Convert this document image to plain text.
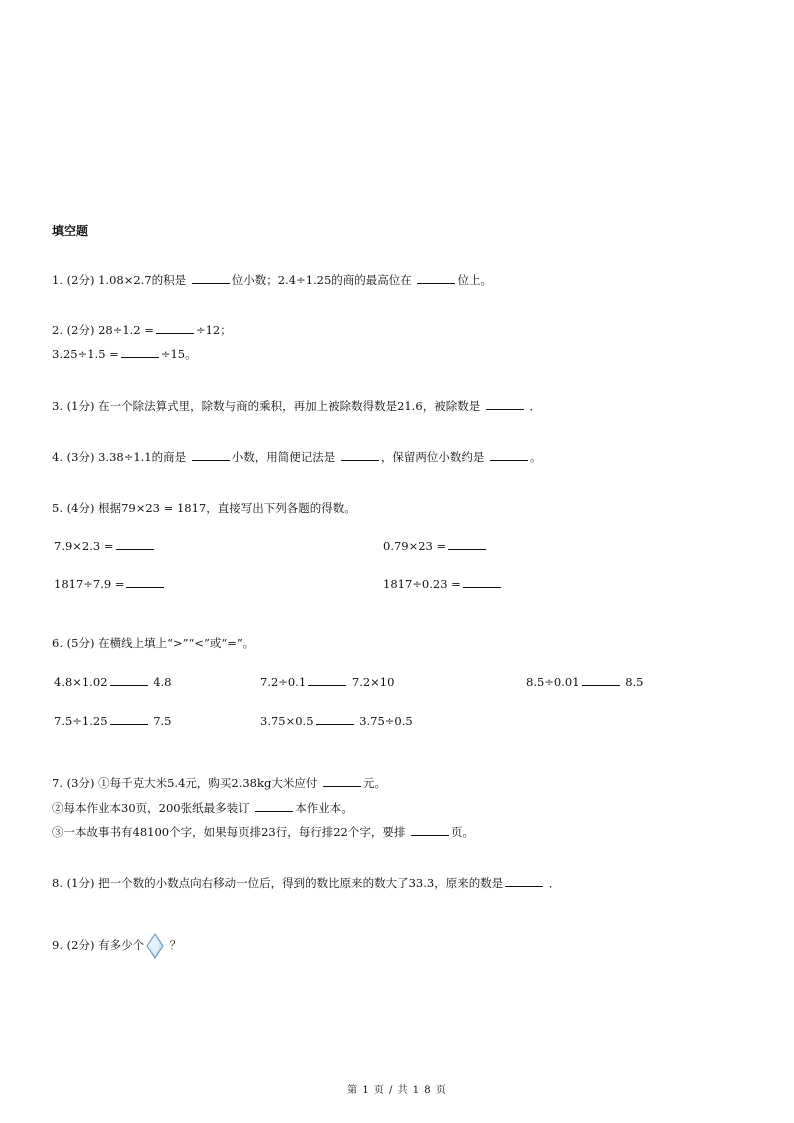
填空题
1. (2分) 1.08×2.7的积是	位小数；2.4÷1.25的商的最高位在	位上。
2. (2分) 28÷1.2 =	÷12；
3.25÷1.5 =	÷15。
3. (1分) 在一个除法算式里，除数与商的乘积，再加上被除数得数是21.6，被除数是	．
4. (3分) 3.38÷1.1的商是	小数，用简便记法是	，保留两位小数约是	。
5. (4分) 根据79×23 = 1817，直接写出下列各题的得数。
7.9×2.3 =	0.79×23 =
1817÷7.9 =	1817÷0.23 =
6. (5分) 在横线上填上“>”“<”或“=”。
4.8×1.02	4.8	7.2÷0.1	7.2×10	8.5÷0.01	8.5
7.5÷1.25	7.5	3.75×0.5	3.75÷0.5
7. (3分) ①每千克大米5.4元，购买2.38kg大米应付	元。
②每本作业本30页，200张纸最多装订	本作业本。
③一本故事书有48100个字，如果每页排23行，每行排22个字，要排	页。
8. (1分) 把一个数的小数点向右移动一位后，得到的数比原来的数大了33.3，原来的数是	．
9. (2分) 有多少个 ？
第 1 页 / 共 1 8 页
